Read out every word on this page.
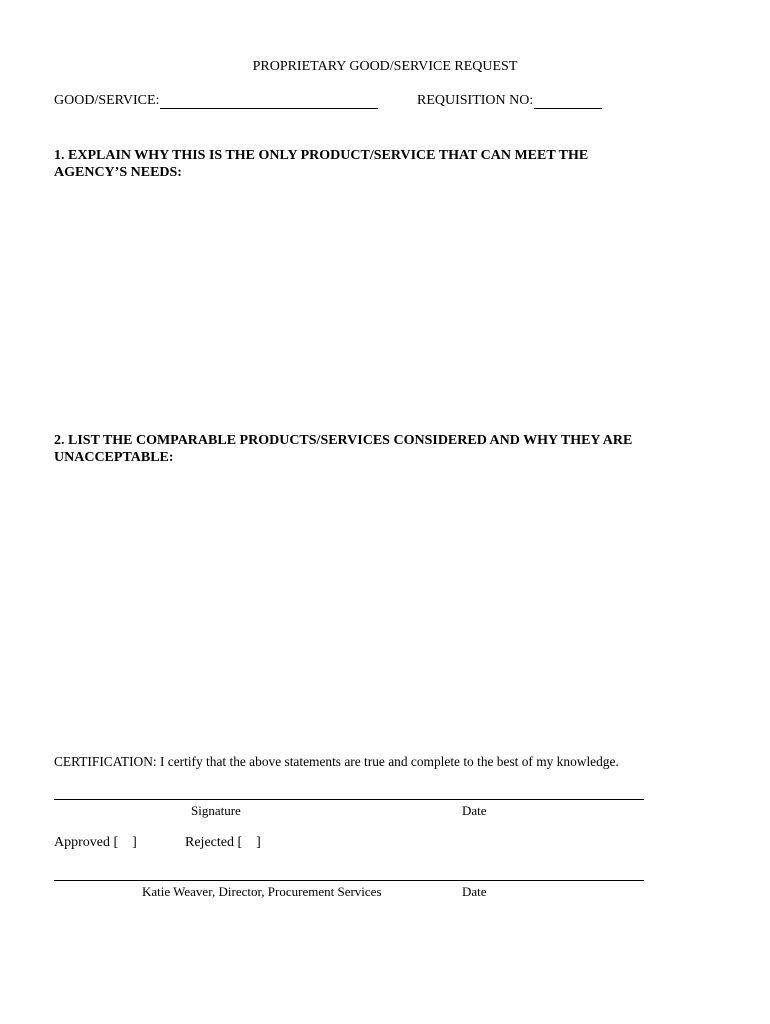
PROPRIETARY GOOD/SERVICE REQUEST
GOOD/SERVICE:	REQUISITION NO:
1. EXPLAIN WHY THIS IS THE ONLY PRODUCT/SERVICE THAT CAN MEET THE
AGENCY’S NEEDS:
2. LIST THE COMPARABLE PRODUCTS/SERVICES CONSIDERED AND WHY THEY ARE
UNACCEPTABLE:
CERTIFICATION: I certify that the above statements are true and complete to the best of my knowledge.
Signature	Date
Approved [ ]	Rejected [ ]
Katie Weaver, Director, Procurement Services	Date
